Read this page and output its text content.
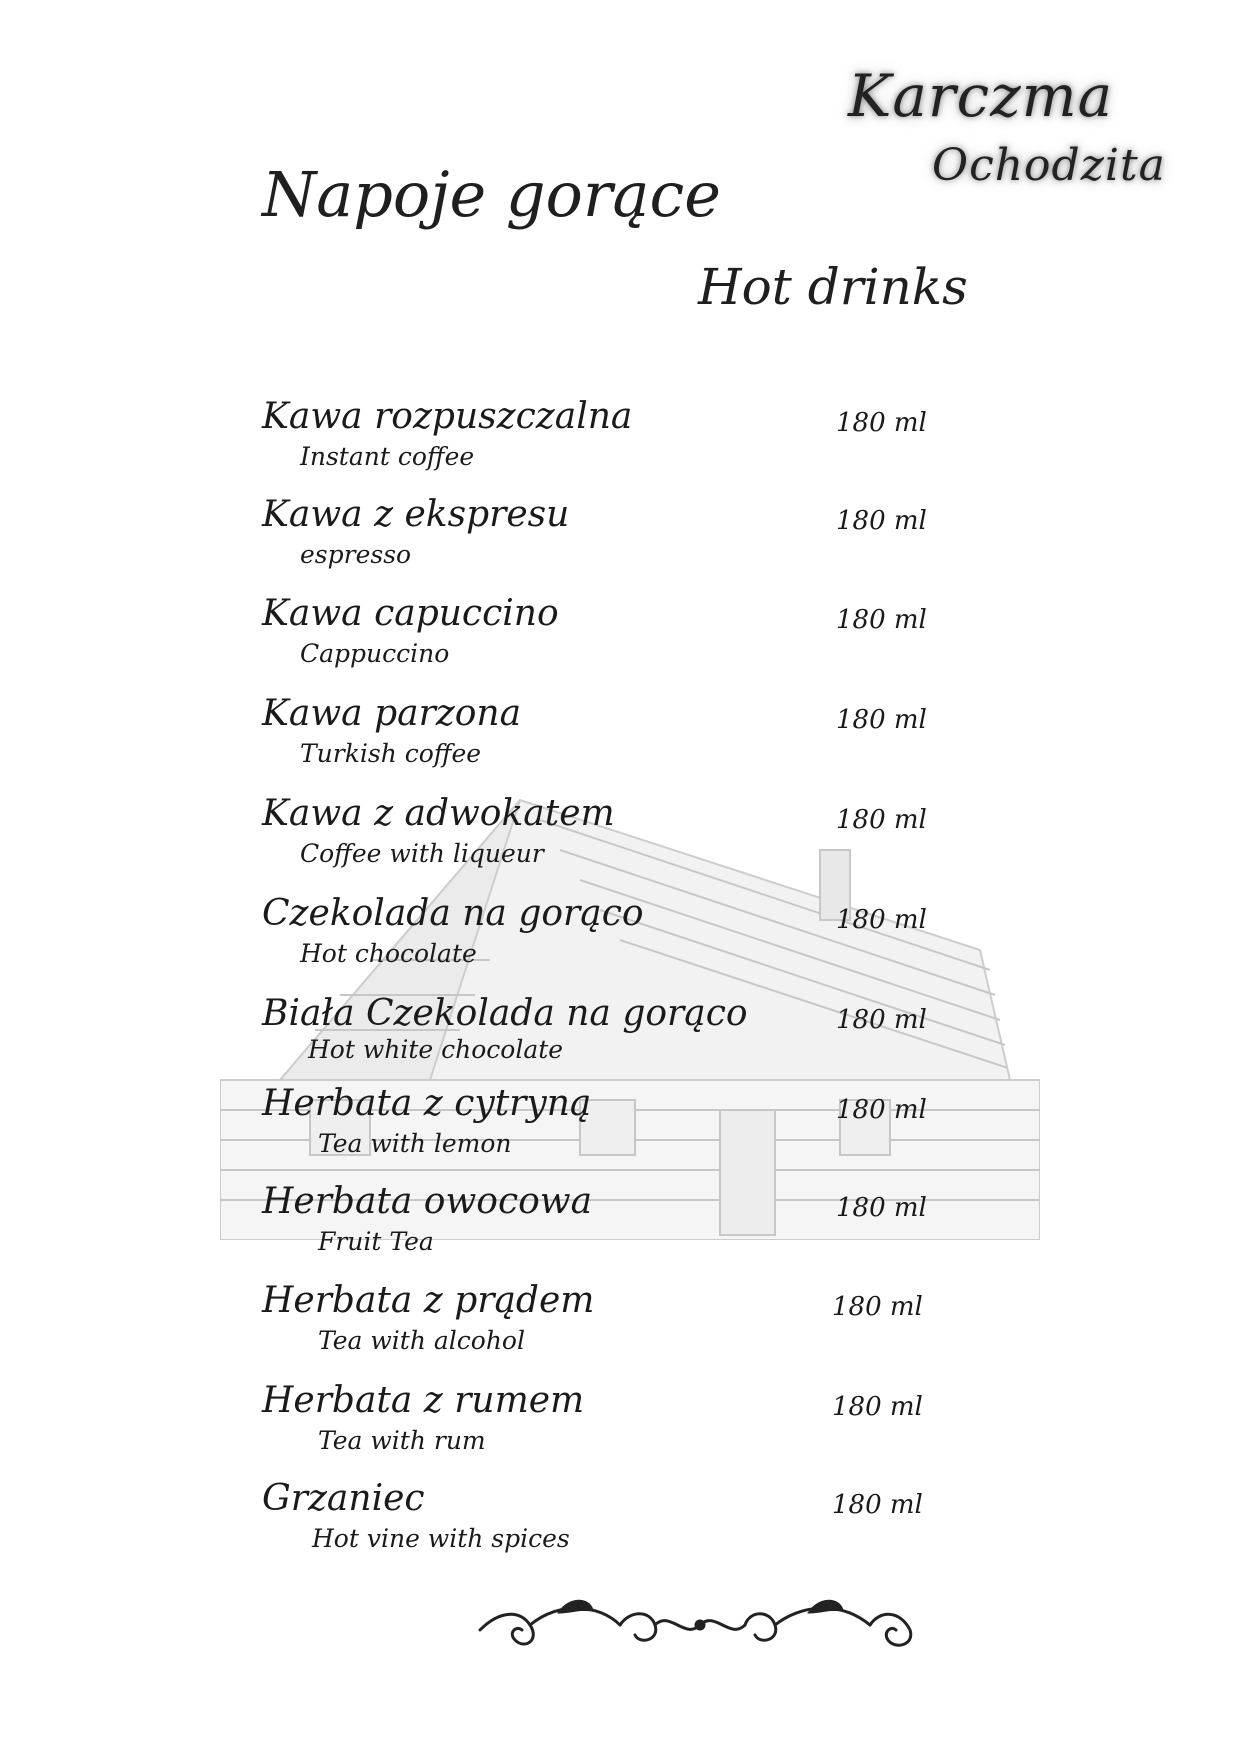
Karczma
Ochodzita
Napoje gorące
Hot drinks
Kawa rozpuszczalna
Instant coffee
180 ml
Kawa z ekspresu
espresso
180 ml
Kawa capuccino
Cappuccino
180 ml
Kawa parzona
Turkish coffee
180 ml
Kawa z adwokatem
Coffee with liqueur
180 ml
Czekolada na gorąco
Hot chocolate
180 ml
Biała Czekolada na gorąco
Hot white chocolate
180 ml
Herbata z cytryną
Tea with lemon
180 ml
Herbata owocowa
Fruit Tea
180 ml
Herbata z prądem
Tea with alcohol
180 ml
Herbata z rumem
Tea with rum
180 ml
Grzaniec
Hot vine with spices
180 ml
